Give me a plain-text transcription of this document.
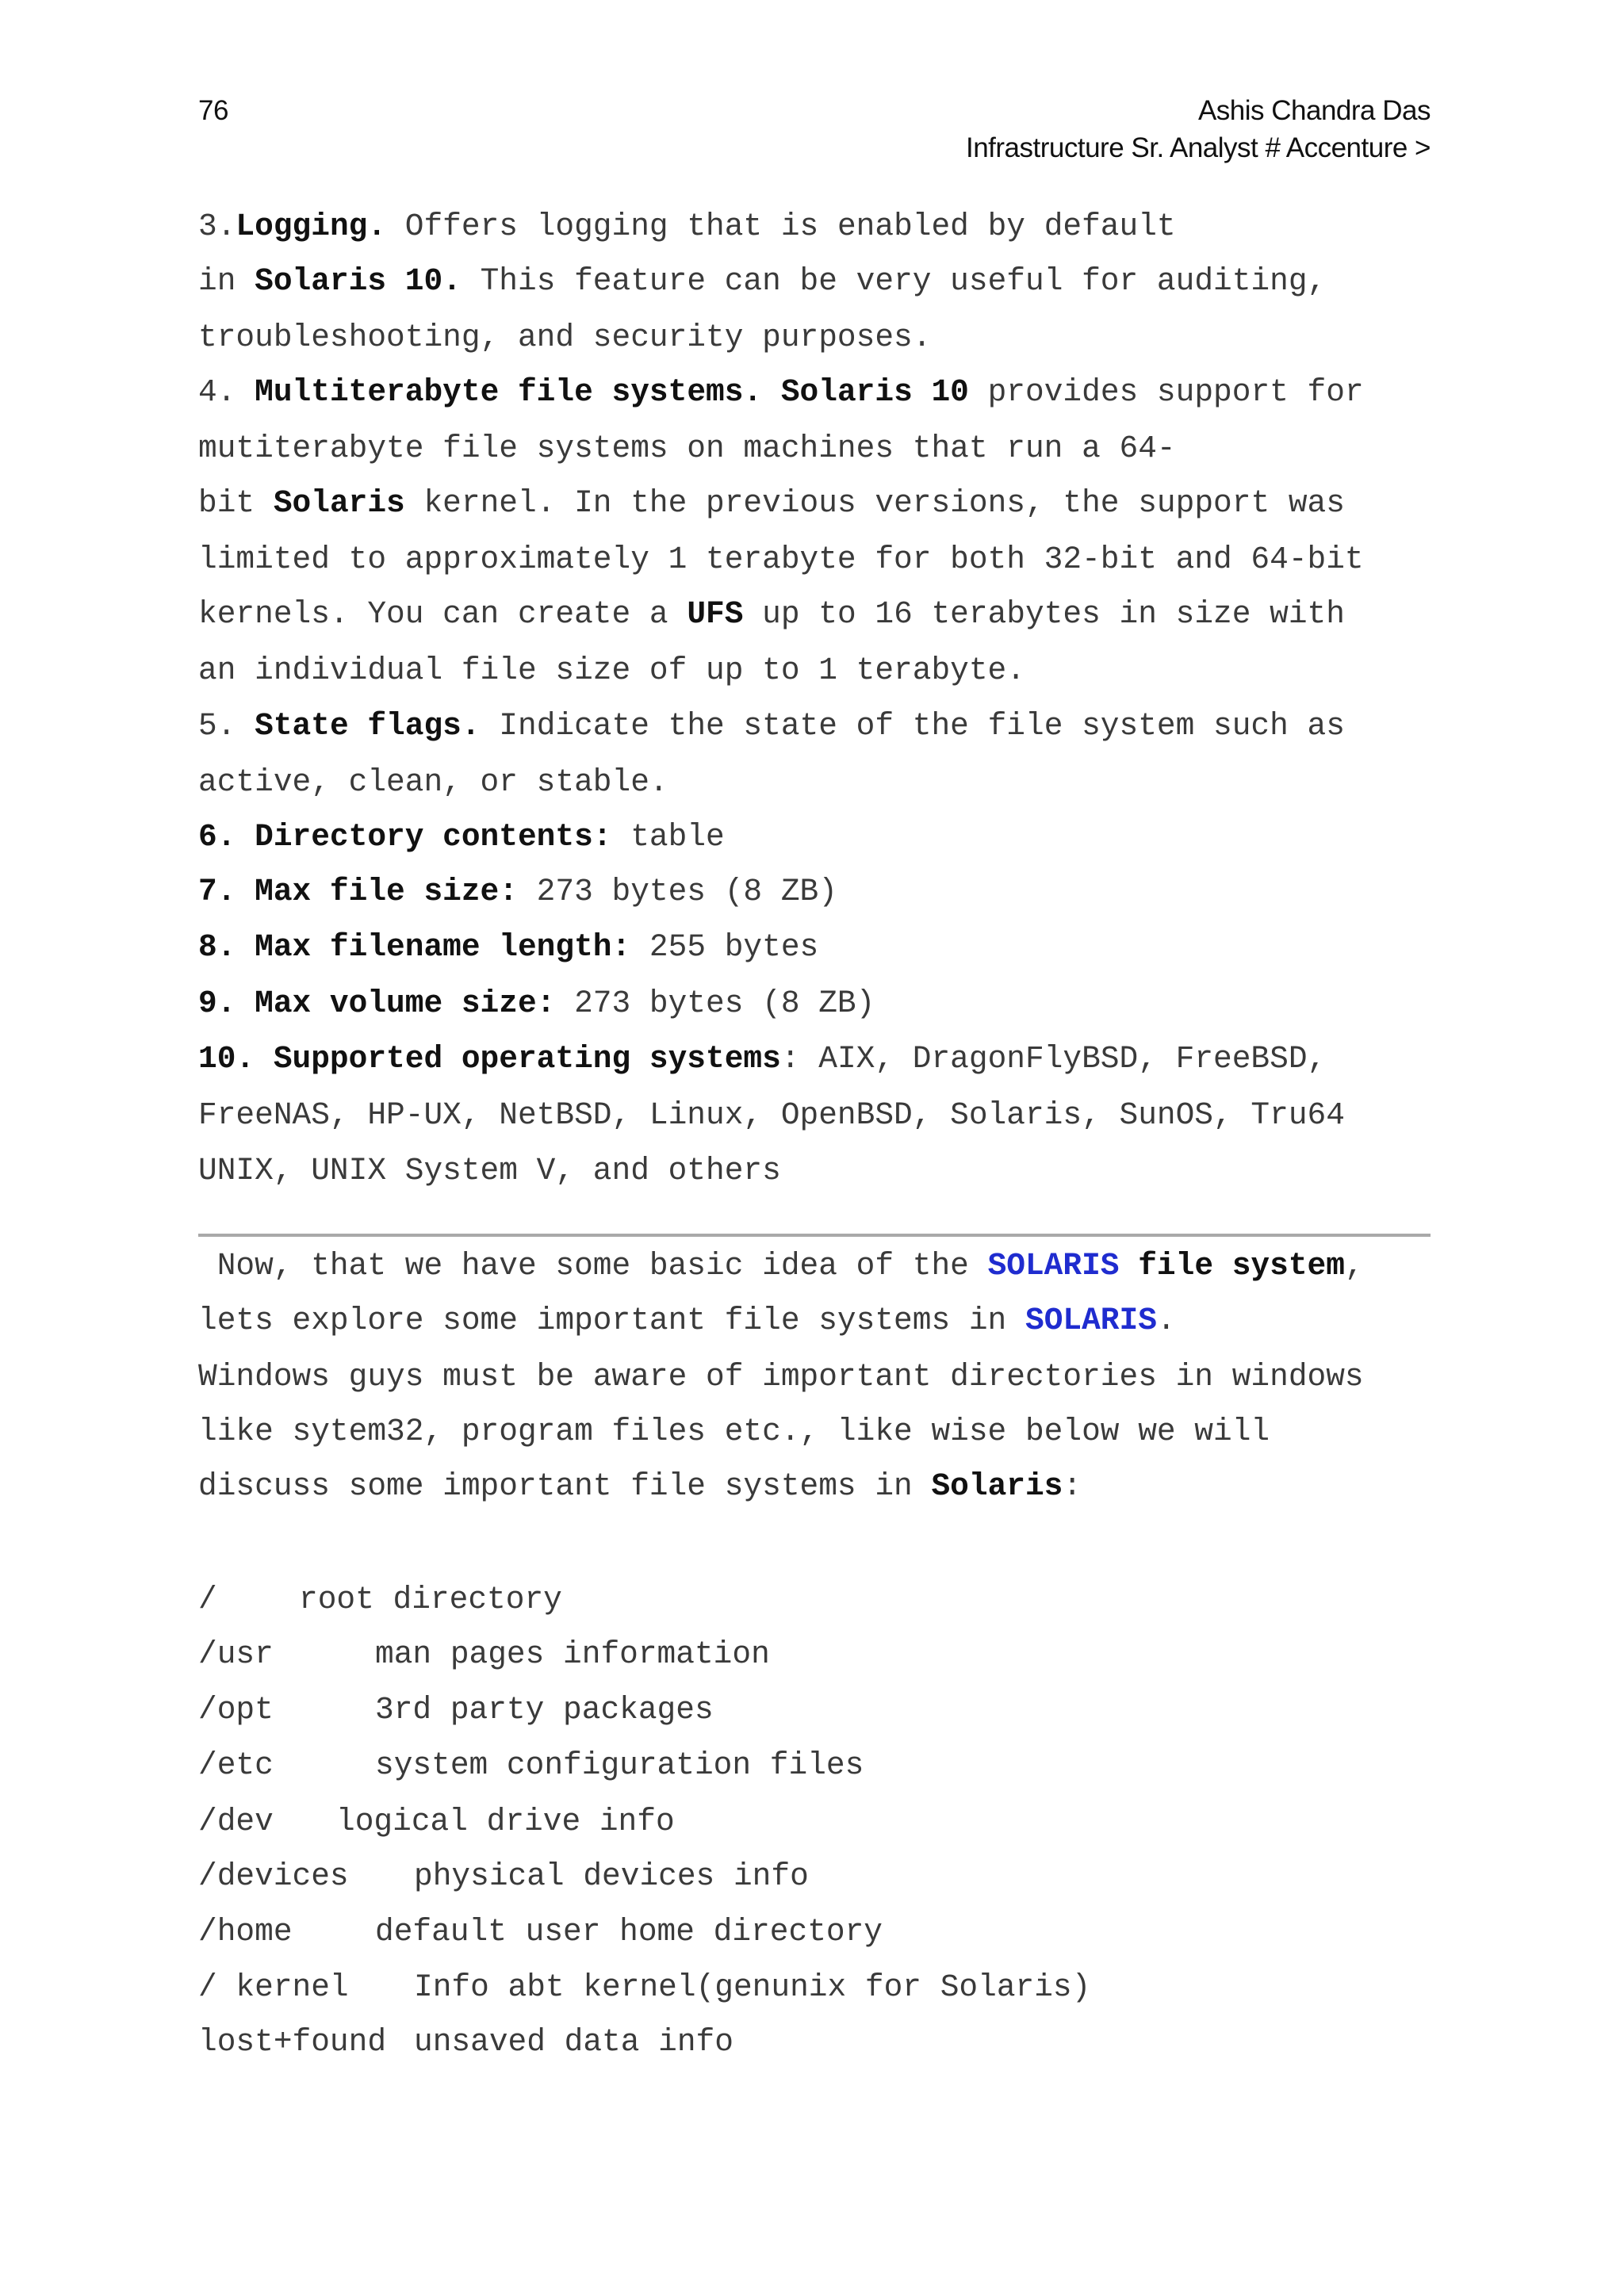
76	Ashis Chandra Das
Infrastructure Sr. Analyst # Accenture >
3.Logging. Offers logging that is enabled by default
in Solaris 10. This feature can be very useful for auditing,
troubleshooting, and security purposes.
4. Multiterabyte file systems. Solaris 10 provides support for
mutiterabyte file systems on machines that run a 64-
bit Solaris kernel. In the previous versions, the support was
limited to approximately 1 terabyte for both 32-bit and 64-bit
kernels. You can create a UFS up to 16 terabytes in size with
an individual file size of up to 1 terabyte.
5. State flags. Indicate the state of the file system such as
active, clean, or stable.
6. Directory contents: table
7. Max file size: 273 bytes (8 ZB)
8. Max filename length: 255 bytes
9. Max volume size: 273 bytes (8 ZB)
10. Supported operating systems: AIX, DragonFlyBSD, FreeBSD,
FreeNAS, HP-UX, NetBSD, Linux, OpenBSD, Solaris, SunOS, Tru64
UNIX, UNIX System V, and others
Now, that we have some basic idea of the SOLARIS file system,
lets explore some important file systems in SOLARIS.
Windows guys must be aware of important directories in windows
like sytem32, program files etc., like wise below we will
discuss some important file systems in Solaris:
/	root directory
/usr	man pages information
/opt	3rd party packages
/etc	system configuration files
/dev logical drive info
/devices physical devices info
/home	default user home directory
/ kernel Info abt kernel(genunix for Solaris)
lost+found unsaved data info
